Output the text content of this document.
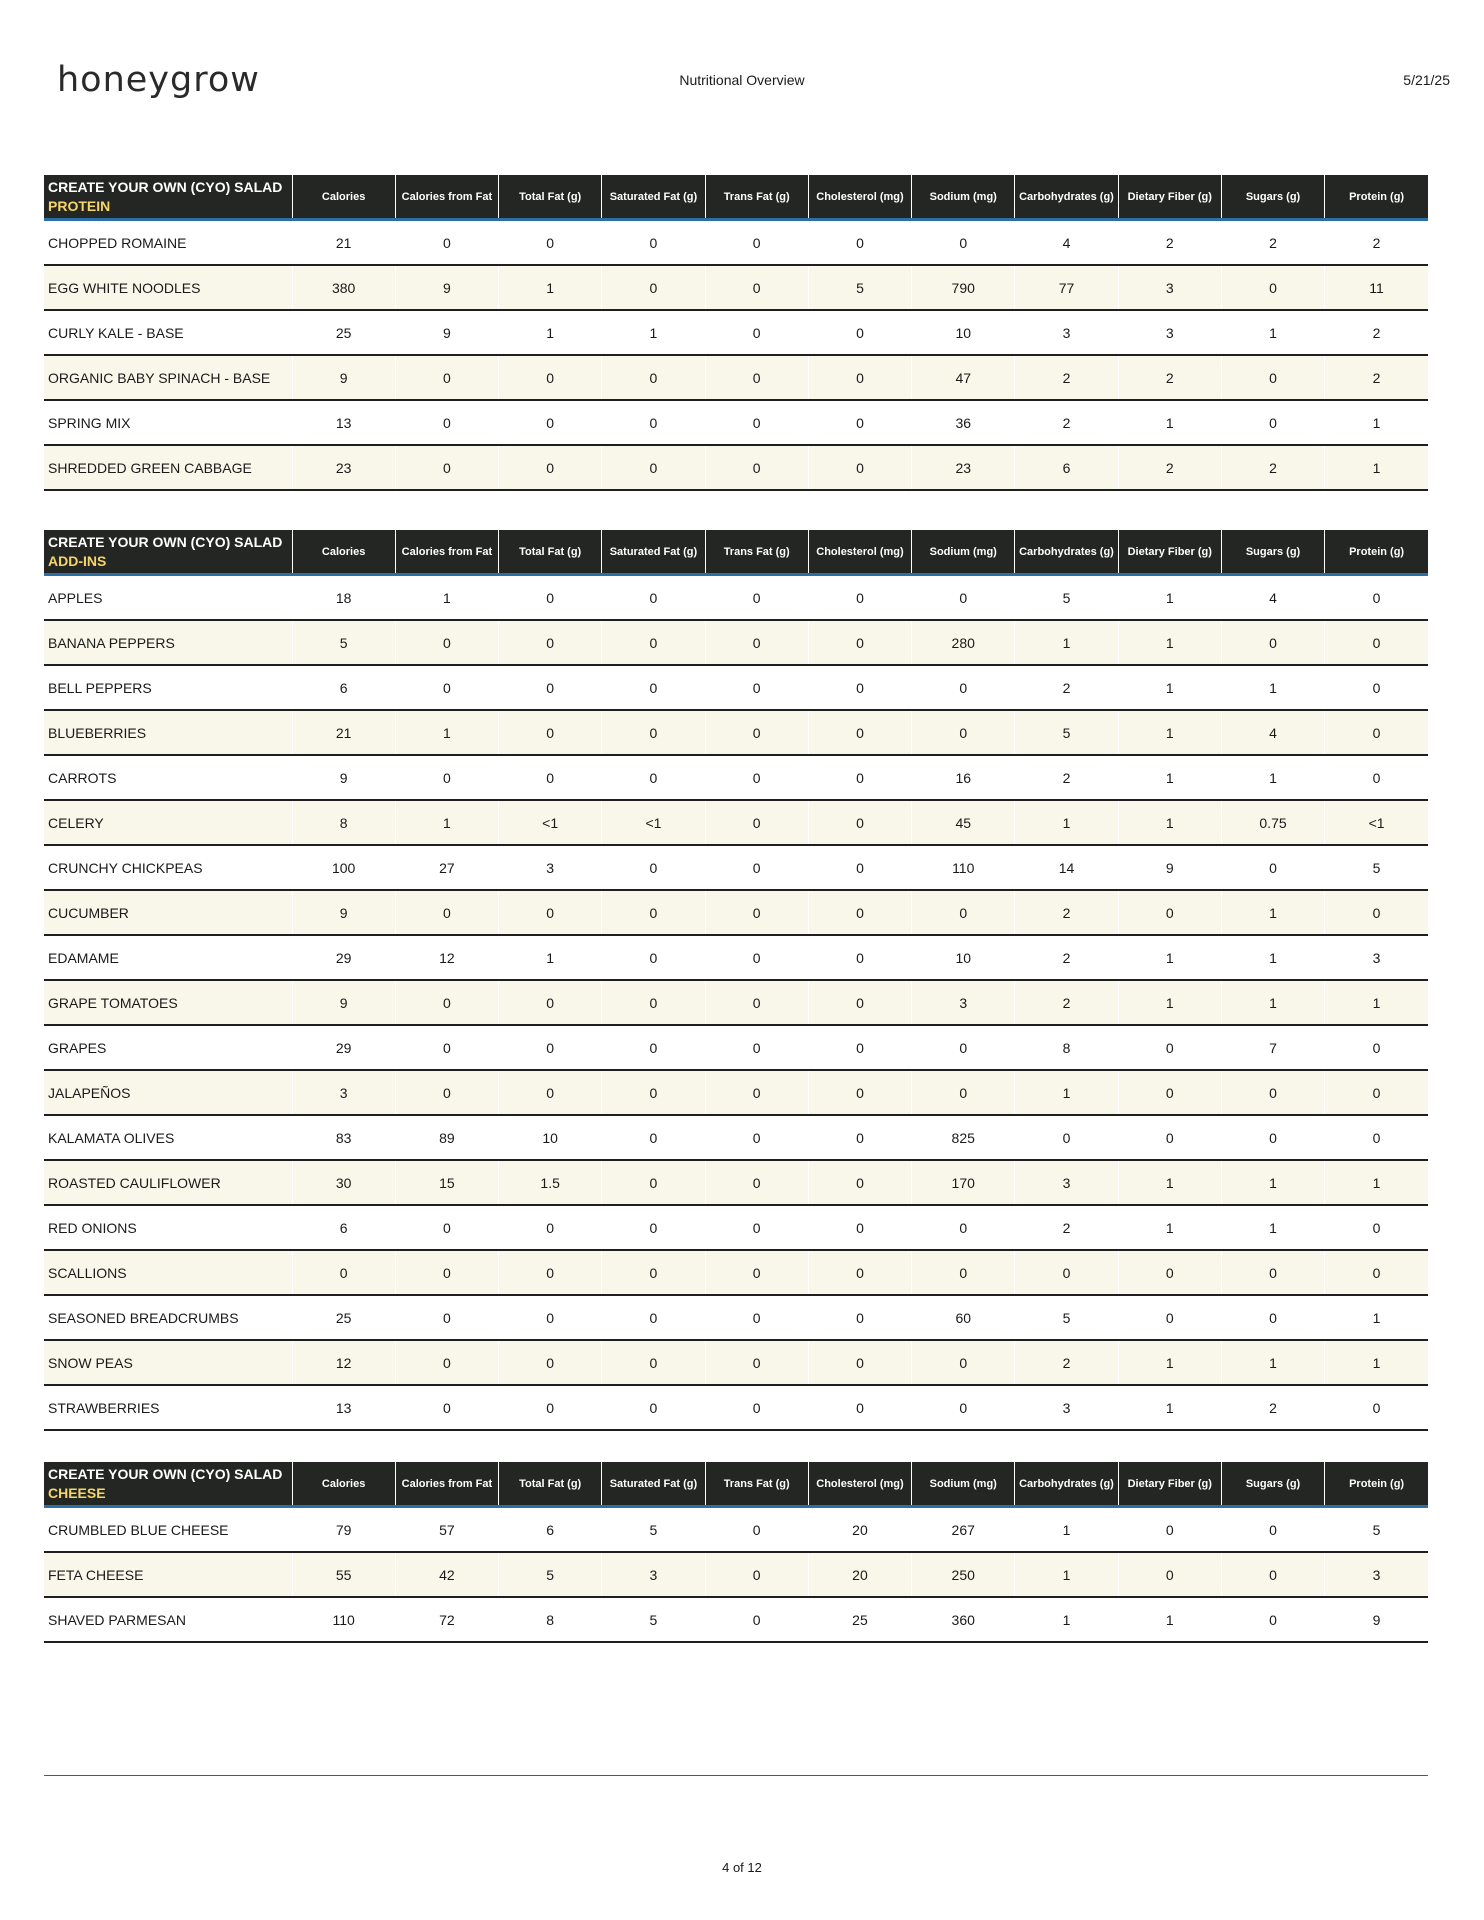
honeygrow	Nutritional Overview	5/21/25
CREATE YOUR OWN (CYO) SALAD
PROTEIN	Calories	Calories from Fat	Total Fat (g)	Saturated Fat (g)	Trans Fat (g)	Cholesterol (mg)	Sodium (mg)	Carbohydrates (g)	Dietary Fiber (g)	Sugars (g)	Protein (g)
CHOPPED ROMAINE	21	0	0	0	0	0	0	4	2	2	2
EGG WHITE NOODLES	380	9	1	0	0	5	790	77	3	0	11
CURLY KALE - BASE	25	9	1	1	0	0	10	3	3	1	2
ORGANIC BABY SPINACH - BASE	9	0	0	0	0	0	47	2	2	0	2
SPRING MIX	13	0	0	0	0	0	36	2	1	0	1
SHREDDED GREEN CABBAGE	23	0	0	0	0	0	23	6	2	2	1
CREATE YOUR OWN (CYO) SALAD
ADD-INS	Calories	Calories from Fat	Total Fat (g)	Saturated Fat (g)	Trans Fat (g)	Cholesterol (mg)	Sodium (mg)	Carbohydrates (g)	Dietary Fiber (g)	Sugars (g)	Protein (g)
APPLES	18	1	0	0	0	0	0	5	1	4	0
BANANA PEPPERS	5	0	0	0	0	0	280	1	1	0	0
BELL PEPPERS	6	0	0	0	0	0	0	2	1	1	0
BLUEBERRIES	21	1	0	0	0	0	0	5	1	4	0
CARROTS	9	0	0	0	0	0	16	2	1	1	0
CELERY	8	1	<1	<1	0	0	45	1	1	0.75	<1
CRUNCHY CHICKPEAS	100	27	3	0	0	0	110	14	9	0	5
CUCUMBER	9	0	0	0	0	0	0	2	0	1	0
EDAMAME	29	12	1	0	0	0	10	2	1	1	3
GRAPE TOMATOES	9	0	0	0	0	0	3	2	1	1	1
GRAPES	29	0	0	0	0	0	0	8	0	7	0
JALAPEÑOS	3	0	0	0	0	0	0	1	0	0	0
KALAMATA OLIVES	83	89	10	0	0	0	825	0	0	0	0
ROASTED CAULIFLOWER	30	15	1.5	0	0	0	170	3	1	1	1
RED ONIONS	6	0	0	0	0	0	0	2	1	1	0
SCALLIONS	0	0	0	0	0	0	0	0	0	0	0
SEASONED BREADCRUMBS	25	0	0	0	0	0	60	5	0	0	1
SNOW PEAS	12	0	0	0	0	0	0	2	1	1	1
STRAWBERRIES	13	0	0	0	0	0	0	3	1	2	0
CREATE YOUR OWN (CYO) SALAD
CHEESE	Calories	Calories from Fat	Total Fat (g)	Saturated Fat (g)	Trans Fat (g)	Cholesterol (mg)	Sodium (mg)	Carbohydrates (g)	Dietary Fiber (g)	Sugars (g)	Protein (g)
CRUMBLED BLUE CHEESE	79	57	6	5	0	20	267	1	0	0	5
FETA CHEESE	55	42	5	3	0	20	250	1	0	0	3
SHAVED PARMESAN	110	72	8	5	0	25	360	1	1	0	9
4 of 12
